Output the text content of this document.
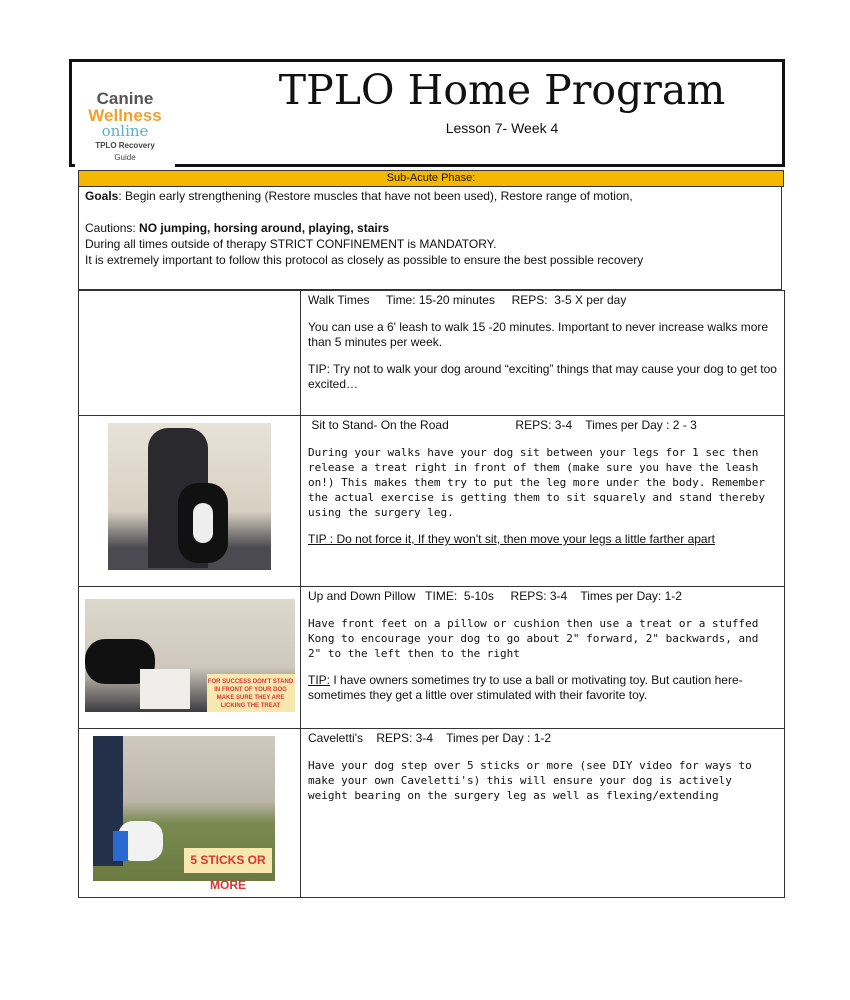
Canine
Wellness
online
TPLO Recovery
Guide
TPLO Home Program
Lesson 7- Week 4
Sub-Acute Phase:
Goals: Begin early strengthening (Restore muscles that have not been used), Restore range of motion,
Cautions: NO jumping, horsing around, playing, stairs
During all times outside of therapy STRICT CONFINEMENT is MANDATORY.
It is extremely important to follow this protocol as closely as possible to ensure the best possible recovery

	Walk Times     Time: 15-20 minutes     REPS:  3-5 X per day

You can use a 6' leash to walk 15 -20 minutes. Important to never increase walks more than 5 minutes per week.

TIP: Try not to walk your dog around “exciting” things that may cause your dog to get too excited…

	Sit to Stand- On the Road                    REPS: 3-4    Times per Day : 2 - 3

During your walks have your dog sit between your legs for 1 sec then release a treat right in front of them (make sure you have the leash on!) This makes them try to put the leg more under the body. Remember the actual exercise is getting them to sit squarely and stand thereby using the surgery leg.

TIP : Do not force it, If they won't sit, then move your legs a little farther apart

FOR SUCCESS DON'T STAND IN FRONT OF YOUR DOG MAKE SURE THEY ARE LICKING THE TREAT	Up and Down Pillow   TIME:  5-10s     REPS: 3-4    Times per Day: 1-2

Have front feet on a pillow or cushion then use a treat or a stuffed Kong to encourage your dog to go about 2" forward, 2" backwards, and 2" to the left then to the right

TIP: I have owners sometimes try to use a ball or motivating toy. But caution here- sometimes they get a little over stimulated with their favorite toy.

5 STICKS OR MORE	Caveletti's    REPS: 3-4    Times per Day : 1-2

Have your dog step over 5 sticks or more (see DIY video for ways to make your own Caveletti's) this will ensure your dog is actively weight bearing on the surgery leg as well as flexing/extending
